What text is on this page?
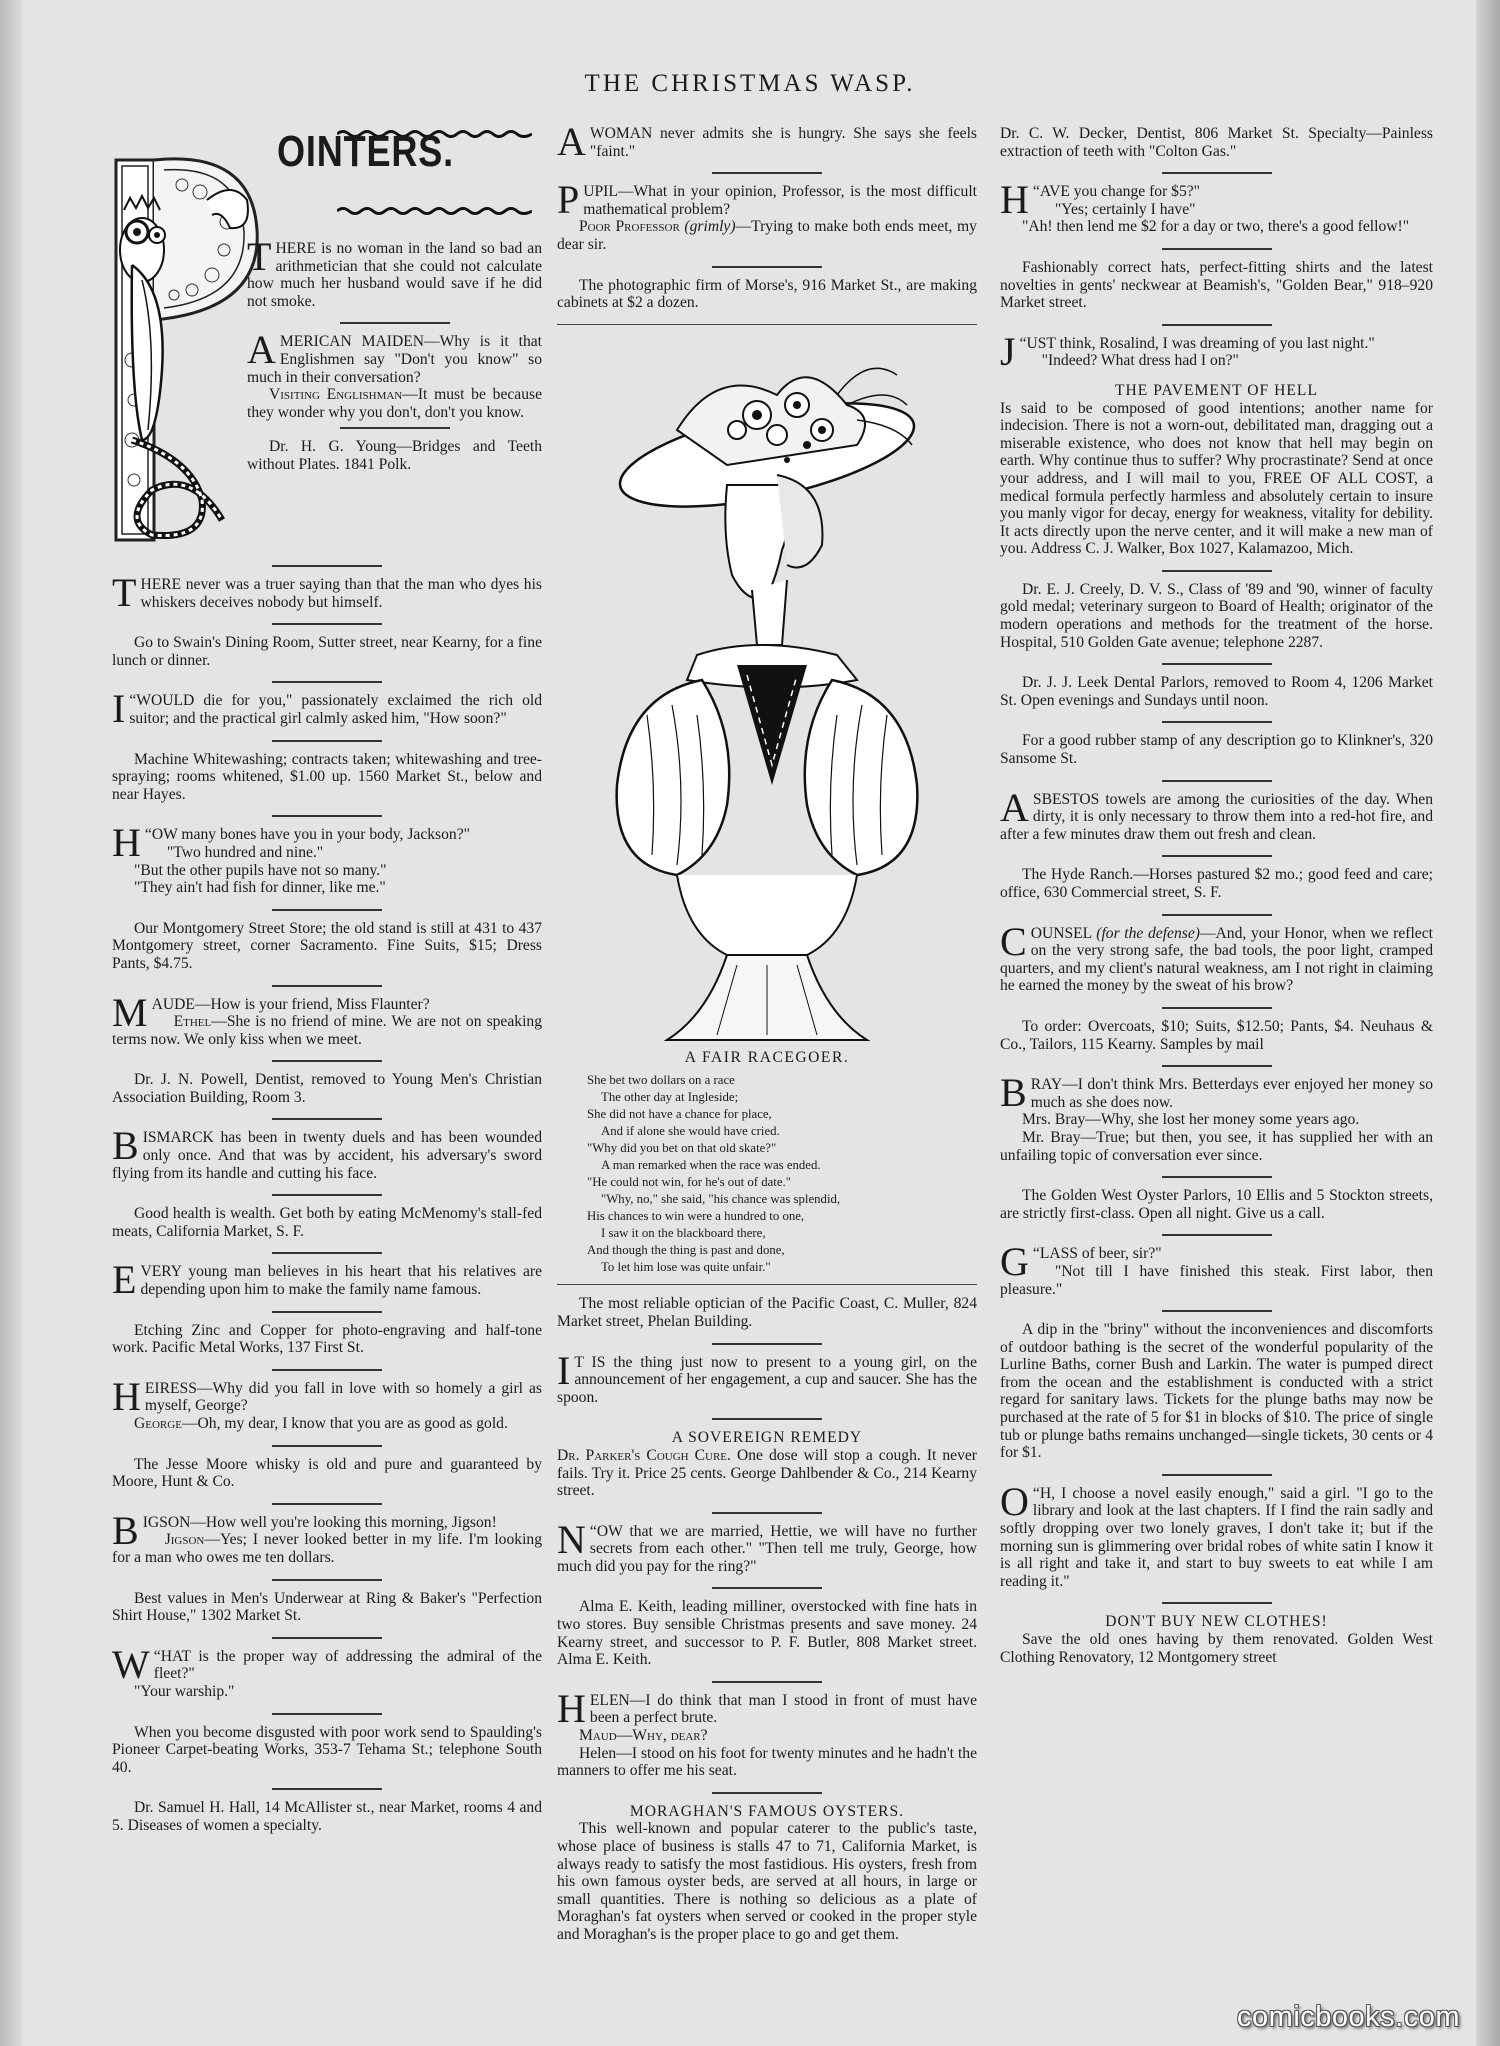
THE CHRISTMAS WASP.
OINTERS.

THERE is no woman in the land so bad an arithmetician that she could not calculate how much her husband would save if he did not smoke.

AMERICAN MAIDEN—Why is it that Englishmen say "Don't you know" so much in their conversation?

Visiting Englishman—It must be because they wonder why you don't, don't you know.

Dr. H. G. Young—Bridges and Teeth without Plates. 1841 Polk.

THERE never was a truer saying than that the man who dyes his whiskers deceives nobody but himself.

Go to Swain's Dining Room, Sutter street, near Kearny, for a fine lunch or dinner.

“
I WOULD die for you," passionately exclaimed the rich old suitor; and the practical girl calmly asked him, "How soon?"

Machine Whitewashing; contracts taken; whitewashing and tree-spraying; rooms whitened, $1.00 up. 1560 Market St., below and near Hayes.

“
H OW many bones have you in your body, Jackson?"

"Two hundred and nine."

"But the other pupils have not so many."

"They ain't had fish for dinner, like me."

Our Montgomery Street Store; the old stand is still at 431 to 437 Montgomery street, corner Sacramento. Fine Suits, $15; Dress Pants, $4.75.

MAUDE—How is your friend, Miss Flaunter?

Ethel—She is no friend of mine. We are not on speaking terms now. We only kiss when we meet.

Dr. J. N. Powell, Dentist, removed to Young Men's Christian Association Building, Room 3.

BISMARCK has been in twenty duels and has been wounded only once. And that was by accident, his adversary's sword flying from its handle and cutting his face.

Good health is wealth. Get both by eating McMenomy's stall-fed meats, California Market, S. F.

EVERY young man believes in his heart that his relatives are depending upon him to make the family name famous.

Etching Zinc and Copper for photo-engraving and half-tone work. Pacific Metal Works, 137 First St.

HEIRESS—Why did you fall in love with so homely a girl as myself, George?

George—Oh, my dear, I know that you are as good as gold.

The Jesse Moore whisky is old and pure and guaranteed by Moore, Hunt & Co.

BIGSON—How well you're looking this morning, Jigson!

Jigson—Yes; I never looked better in my life. I'm looking for a man who owes me ten dollars.

Best values in Men's Underwear at Ring & Baker's "Perfection Shirt House," 1302 Market St.

“
W HAT is the proper way of addressing the admiral of the fleet?"

"Your warship."

When you become disgusted with poor work send to Spaulding's Pioneer Carpet-beating Works, 353-7 Tehama St.; telephone South 40.

Dr. Samuel H. Hall, 14 McAllister st., near Market, rooms 4 and 5. Diseases of women a specialty.

AWOMAN never admits she is hungry. She says she feels "faint."

PUPIL—What in your opinion, Professor, is the most difficult mathematical problem?

Poor Professor (grimly)—Trying to make both ends meet, my dear sir.

The photographic firm of Morse's, 916 Market St., are making cabinets at $2 a dozen.

A FAIR RACEGOER.

She bet two dollars on a race
The other day at Ingleside;
She did not have a chance for place,
And if alone she would have cried.
"Why did you bet on that old skate?"
A man remarked when the race was ended.
"He could not win, for he's out of date."
"Why, no," she said, "his chance was splendid,
His chances to win were a hundred to one,
I saw it on the blackboard there,
And though the thing is past and done,
To let him lose was quite unfair."

The most reliable optician of the Pacific Coast, C. Muller, 824 Market street, Phelan Building.

I T IS the thing just now to present to a young girl, on the announcement of her engagement, a cup and saucer. She has the spoon.

A SOVEREIGN REMEDY

Dr. Parker's Cough Cure. One dose will stop a cough. It never fails. Try it. Price 25 cents. George Dahlbender & Co., 214 Kearny street.

“
N OW that we are married, Hettie, we will have no further secrets from each other." "Then tell me truly, George, how much did you pay for the ring?"

Alma E. Keith, leading milliner, overstocked with fine hats in two stores. Buy sensible Christmas presents and save money. 24 Kearny street, and successor to P. F. Butler, 808 Market street. Alma E. Keith.

HELEN—I do think that man I stood in front of must have been a perfect brute.

Maud—Why, dear?

Helen—I stood on his foot for twenty minutes and he hadn't the manners to offer me his seat.

MORAGHAN'S FAMOUS OYSTERS.

This well-known and popular caterer to the public's taste, whose place of business is stalls 47 to 71, California Market, is always ready to satisfy the most fastidious. His oysters, fresh from his own famous oyster beds, are served at all hours, in large or small quantities. There is nothing so delicious as a plate of Moraghan's fat oysters when served or cooked in the proper style and Moraghan's is the proper place to go and get them.

Dr. C. W. Decker, Dentist, 806 Market St. Specialty—Painless extraction of teeth with "Colton Gas."

“
H AVE you change for $5?"

"Yes; certainly I have"

"Ah! then lend me $2 for a day or two, there's a good fellow!"

Fashionably correct hats, perfect-fitting shirts and the latest novelties in gents' neckwear at Beamish's, "Golden Bear," 918–920 Market street.

“
J UST think, Rosalind, I was dreaming of you last night."

"Indeed? What dress had I on?"

THE PAVEMENT OF HELL

Is said to be composed of good intentions; another name for indecision. There is not a worn-out, debilitated man, dragging out a miserable existence, who does not know that hell may begin on earth. Why continue thus to suffer? Why procrastinate? Send at once your address, and I will mail to you, FREE OF ALL COST, a medical formula perfectly harmless and absolutely certain to insure you manly vigor for decay, energy for weakness, vitality for debility. It acts directly upon the nerve center, and it will make a new man of you. Address C. J. Walker, Box 1027, Kalamazoo, Mich.

Dr. E. J. Creely, D. V. S., Class of '89 and '90, winner of faculty gold medal; veterinary surgeon to Board of Health; originator of the modern operations and methods for the treatment of the horse. Hospital, 510 Golden Gate avenue; telephone 2287.

Dr. J. J. Leek Dental Parlors, removed to Room 4, 1206 Market St. Open evenings and Sundays until noon.

For a good rubber stamp of any description go to Klinkner's, 320 Sansome St.

ASBESTOS towels are among the curiosities of the day. When dirty, it is only necessary to throw them into a red-hot fire, and after a few minutes draw them out fresh and clean.

The Hyde Ranch.—Horses pastured $2 mo.; good feed and care; office, 630 Commercial street, S. F.

COUNSEL (for the defense)—And, your Honor, when we reflect on the very strong safe, the bad tools, the poor light, cramped quarters, and my client's natural weakness, am I not right in claiming he earned the money by the sweat of his brow?

To order: Overcoats, $10; Suits, $12.50; Pants, $4. Neuhaus & Co., Tailors, 115 Kearny. Samples by mail

BRAY—I don't think Mrs. Betterdays ever enjoyed her money so much as she does now.

Mrs. Bray—Why, she lost her money some years ago.

Mr. Bray—True; but then, you see, it has supplied her with an unfailing topic of conversation ever since.

The Golden West Oyster Parlors, 10 Ellis and 5 Stockton streets, are strictly first-class. Open all night. Give us a call.

“
G LASS of beer, sir?"

"Not till I have finished this steak. First labor, then pleasure."

A dip in the "briny" without the inconveniences and discomforts of outdoor bathing is the secret of the wonderful popularity of the Lurline Baths, corner Bush and Larkin. The water is pumped direct from the ocean and the establishment is conducted with a strict regard for sanitary laws. Tickets for the plunge baths may now be purchased at the rate of 5 for $1 in blocks of $10. The price of single tub or plunge baths remains unchanged—single tickets, 30 cents or 4 for $1.

“
O H, I choose a novel easily enough," said a girl. "I go to the library and look at the last chapters. If I find the rain sadly and softly dropping over two lonely graves, I don't take it; but if the morning sun is glimmering over bridal robes of white satin I know it is all right and take it, and start to buy sweets to eat while I am reading it."

DON'T BUY NEW CLOTHES!

Save the old ones having by them renovated. Golden West Clothing Renovatory, 12 Montgomery street

comicbooks.com
